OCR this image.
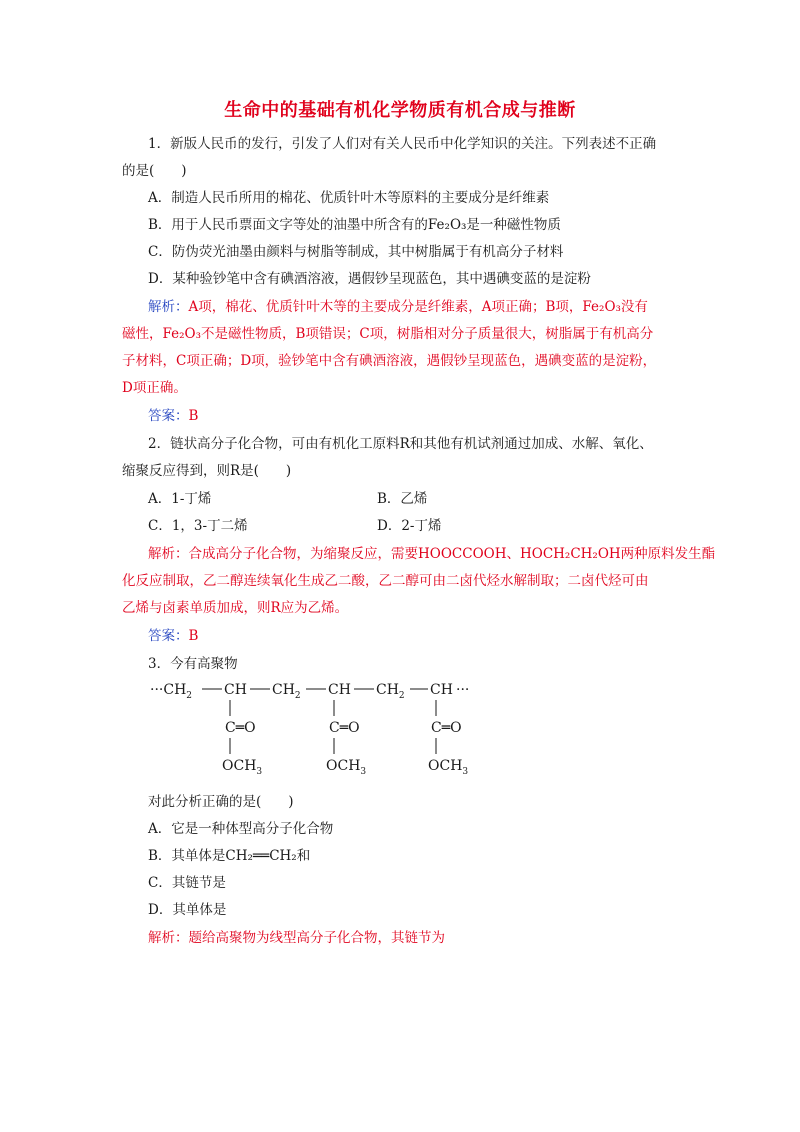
生命中的基础有机化学物质有机合成与推断
1．新版人民币的发行，引发了人们对有关人民币中化学知识的关注。下列表述不正确
的是(　　)
A．制造人民币所用的棉花、优质针叶木等原料的主要成分是纤维素
B．用于人民币票面文字等处的油墨中所含有的Fe₂O₃是一种磁性物质
C．防伪荧光油墨由颜料与树脂等制成，其中树脂属于有机高分子材料
D．某种验钞笔中含有碘酒溶液，遇假钞呈现蓝色，其中遇碘变蓝的是淀粉
解析：A项，棉花、优质针叶木等的主要成分是纤维素，A项正确；B项，Fe₂O₃没有
磁性，Fe₂O₃不是磁性物质，B项错误；C项，树脂相对分子质量很大，树脂属于有机高分
子材料，C项正确；D项，验钞笔中含有碘酒溶液，遇假钞呈现蓝色，遇碘变蓝的是淀粉，
D项正确。
答案：B
2．链状高分子化合物，可由有机化工原料R和其他有机试剂通过加成、水解、氧化、
缩聚反应得到，则R是(　　)
A．1-丁烯	B．乙烯
C．1，3-丁二烯	D．2-丁烯
解析：合成高分子化合物，为缩聚反应，需要HOOCCOOH、HOCH₂CH₂OH两种原料发生酯
化反应制取，乙二醇连续氧化生成乙二酸，乙二醇可由二卤代烃水解制取；二卤代烃可由
乙烯与卤素单质加成，则R应为乙烯。
答案：B
3．今有高聚物
$\cdot\cdot\cdot CH_2$ CH $CH_2$ CH $CH_2$ CH ···
C═O	C═O	C═O
$OCH_3$	$OCH_3$	$OCH_3$
对此分析正确的是(　　)
A．它是一种体型高分子化合物
B．其单体是CH₂══CH₂和
C．其链节是
D．其单体是
解析：题给高聚物为线型高分子化合物，其链节为
